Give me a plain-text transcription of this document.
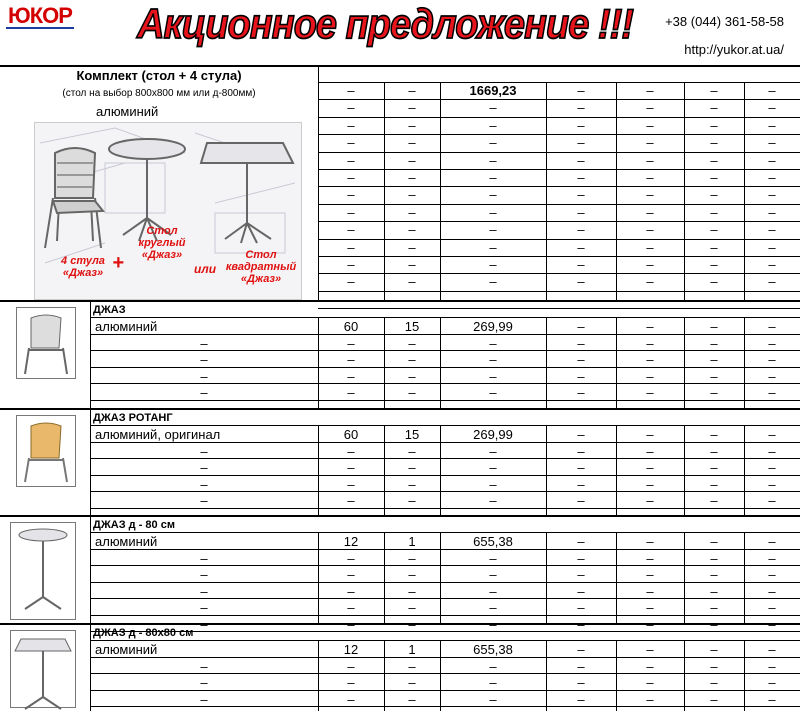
ЮКОР Акционное предложение !!! +38 (044) 361-58-58
http://yukor.at.ua/
Комплект (стол + 4 стула)
(стол на выбор 800х800 мм или д-800мм)
алюминий
4 стула «Джаз» +
Стол круглый «Джаз»
или
Стол квадратный «Джаз»
–	–	1669,23	–	–	–	–
–	–	–	–	–	–	–
–	–	–	–	–	–	–
–	–	–	–	–	–	–
–	–	–	–	–	–	–
–	–	–	–	–	–	–
–	–	–	–	–	–	–
–	–	–	–	–	–	–
–	–	–	–	–	–	–
–	–	–	–	–	–	–
–	–	–	–	–	–	–
–	–	–	–	–	–	–
ДЖАЗ
алюминий	60	15	269,99	–	–	–	–
–	–	–	–	–	–	–	–
–	–	–	–	–	–	–	–
–	–	–	–	–	–	–	–
–	–	–	–	–	–	–	–
ДЖАЗ РОТАНГ
алюминий, оригинал	60	15	269,99	–	–	–	–
–	–	–	–	–	–	–	–
–	–	–	–	–	–	–	–
–	–	–	–	–	–	–	–
–	–	–	–	–	–	–	–
ДЖАЗ д - 80 см
алюминий	12	1	655,38	–	–	–	–
–	–	–	–	–	–	–	–
–	–	–	–	–	–	–	–
–	–	–	–	–	–	–	–
–	–	–	–	–	–	–	–
ДЖАЗ д - 80х80 см
алюминий	12	1	655,38	–	–	–	–
–	–	–	–	–	–	–	–
–	–	–	–	–	–	–	–
–	–	–	–	–	–	–	–
